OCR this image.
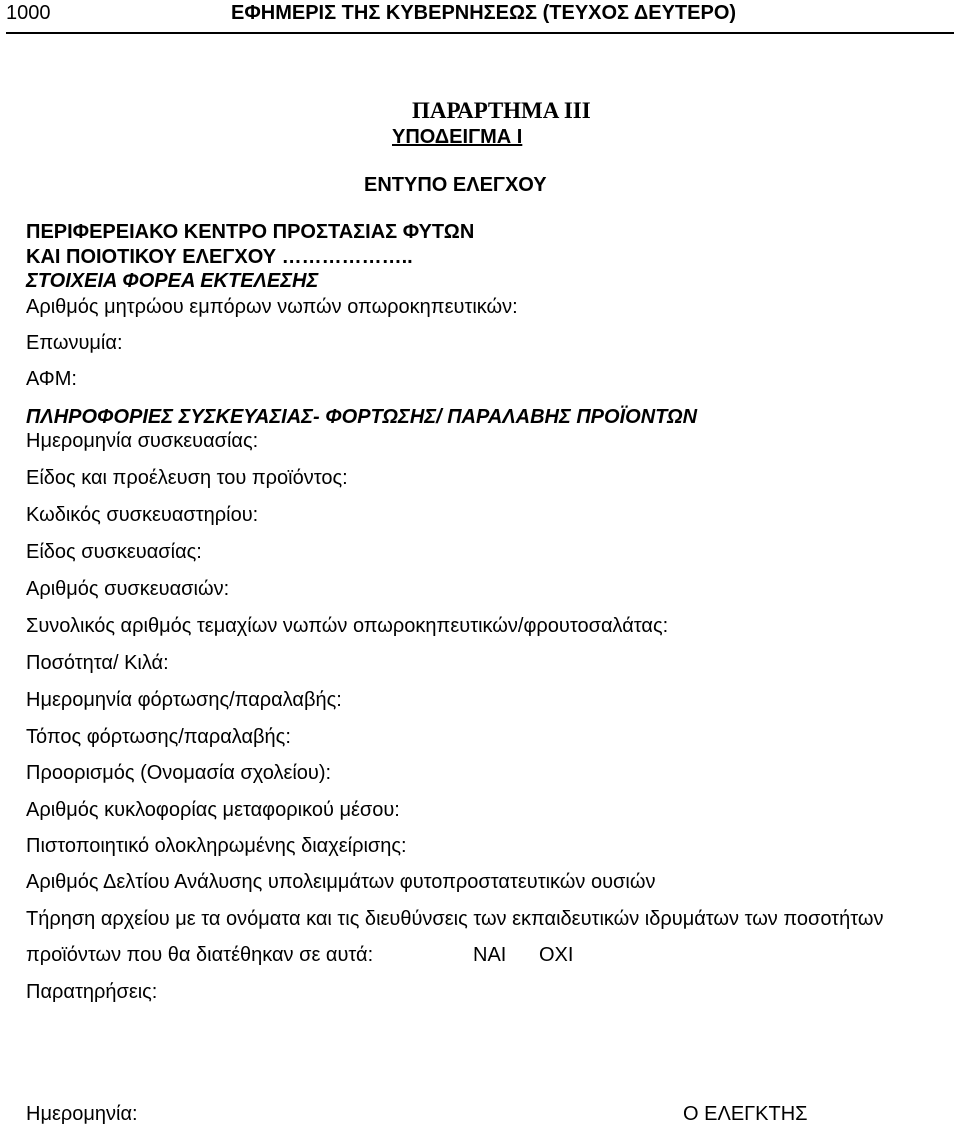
1000	ΕΦΗΜΕΡΙΣ ΤΗΣ ΚΥΒΕΡΝΗΣΕΩΣ (ΤΕΥΧΟΣ ΔΕΥΤΕΡΟ)
ΠΑΡΑΡΤΗΜΑ ΙΙΙ
ΥΠΟΔΕΙΓΜΑ Ι
ΕΝΤΥΠΟ ΕΛΕΓΧΟΥ
ΠΕΡΙΦΕΡΕΙΑΚΟ ΚΕΝΤΡΟ ΠΡΟΣΤΑΣΙΑΣ ΦΥΤΩΝ
ΚΑΙ ΠΟΙΟΤΙΚΟΥ ΕΛΕΓΧΟΥ ………………..
ΣΤΟΙΧΕΙΑ ΦΟΡΕΑ ΕΚΤΕΛΕΣΗΣ
Αριθμός μητρώου εμπόρων νωπών οπωροκηπευτικών:
Επωνυμία:
ΑΦΜ:
ΠΛΗΡΟΦΟΡΙΕΣ ΣΥΣΚΕΥΑΣΙΑΣ- ΦΟΡΤΩΣΗΣ/ ΠΑΡΑΛΑΒΗΣ ΠΡΟΪΟΝΤΩΝ
Ημερομηνία συσκευασίας:
Είδος και προέλευση του προϊόντος:
Κωδικός συσκευαστηρίου:
Είδος συσκευασίας:
Αριθμός συσκευασιών:
Συνολικός αριθμός τεμαχίων νωπών οπωροκηπευτικών/φρουτοσαλάτας:
Ποσότητα/ Κιλά:
Ημερομηνία φόρτωσης/παραλαβής:
Τόπος φόρτωσης/παραλαβής:
Προορισμός (Ονομασία σχολείου):
Αριθμός κυκλοφορίας μεταφορικού μέσου:
Πιστοποιητικό ολοκληρωμένης διαχείρισης:
Αριθμός Δελτίου Ανάλυσης υπολειμμάτων φυτοπροστατευτικών ουσιών
Τήρηση αρχείου με τα ονόματα και τις διευθύνσεις των εκπαιδευτικών ιδρυμάτων των ποσοτήτων
προϊόντων που θα διατέθηκαν σε αυτά:	ΝΑΙ ΟΧΙ
Παρατηρήσεις:
Ημερομηνία:	Ο ΕΛΕΓΚΤΗΣ
